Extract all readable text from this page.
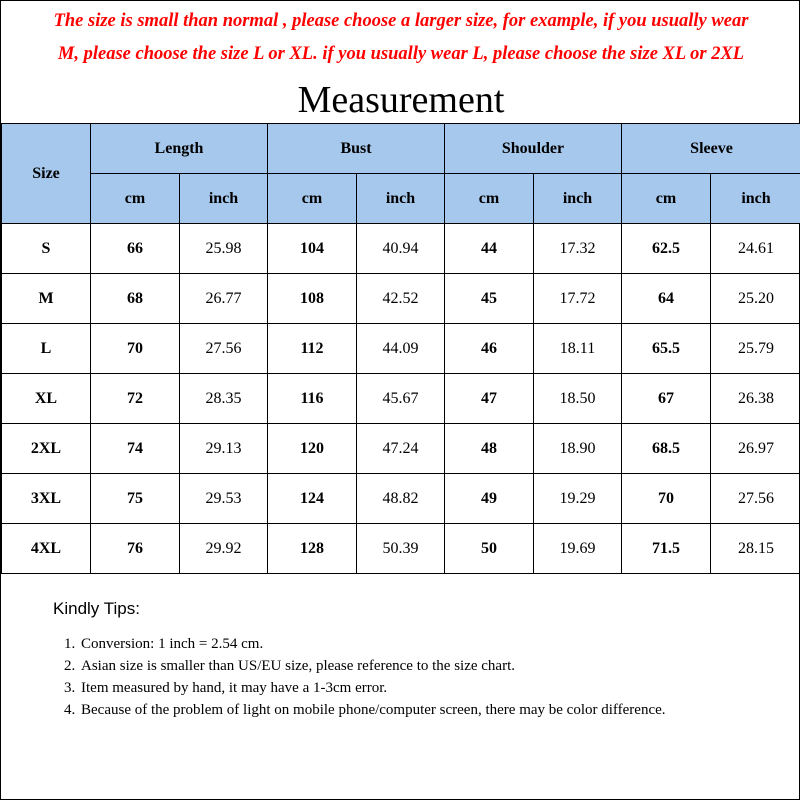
The size is small than normal , please choose a larger size, for example, if you usually wear
M, please choose the size L or XL. if you usually wear L, please choose the size XL or 2XL
Measurement
Size	Length		Bust		Shoulder		Sleeve	
	cm	inch	cm	inch	cm	inch	cm	inch
S	66	25.98	104	40.94	44	17.32	62.5	24.61
M	68	26.77	108	42.52	45	17.72	64	25.20
L	70	27.56	112	44.09	46	18.11	65.5	25.79
XL	72	28.35	116	45.67	47	18.50	67	26.38
2XL	74	29.13	120	47.24	48	18.90	68.5	26.97
3XL	75	29.53	124	48.82	49	19.29	70	27.56
4XL	76	29.92	128	50.39	50	19.69	71.5	28.15
Kindly Tips:
1. Conversion: 1 inch = 2.54 cm.
2. Asian size is smaller than US/EU size, please reference to the size chart.
3. Item measured by hand, it may have a 1-3cm error.
4. Because of the problem of light on mobile phone/computer screen, there may be color difference.
